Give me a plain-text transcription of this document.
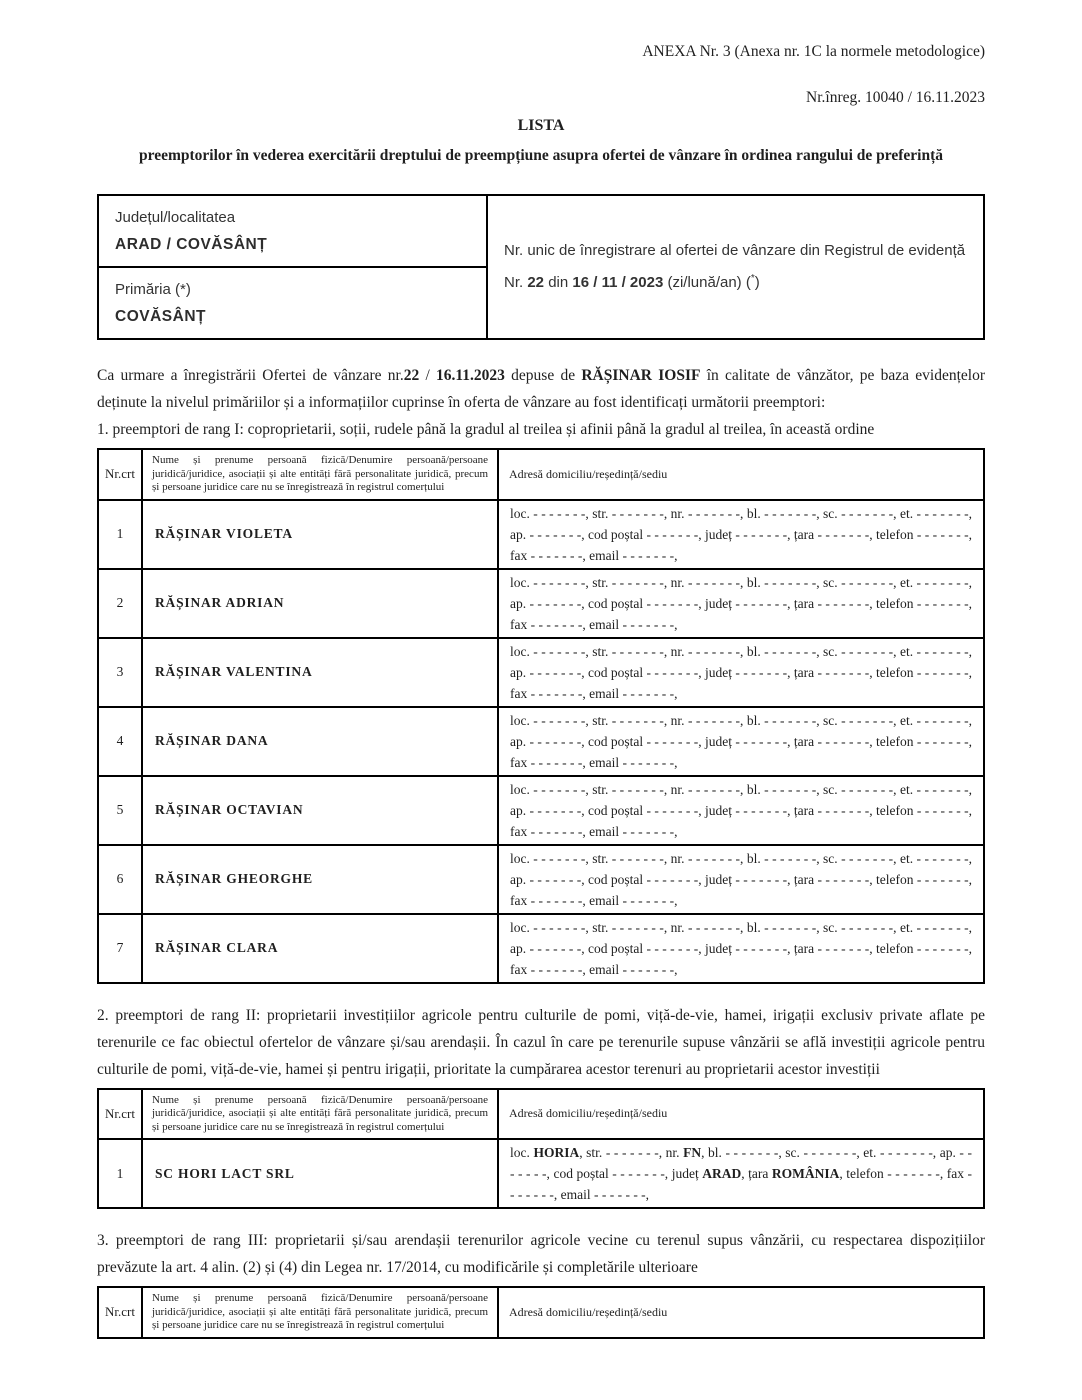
ANEXA Nr. 3 (Anexa nr. 1C la normele metodologice)
Nr.înreg. 10040 / 16.11.2023
LISTA
preemptorilor în vederea exercitării dreptului de preempțiune asupra ofertei de vânzare în ordinea rangului de preferință
Județul/localitatea
ARAD / COVĂSÂNȚ	Nr. unic de înregistrare al ofertei de vânzare din Registrul de evidență
Nr. 22 din 16 / 11 / 2023 (zi/lună/an) (*)

Primăria (*)
COVĂSÂNȚ

Ca urmare a înregistrării Ofertei de vânzare nr.22 / 16.11.2023 depuse de RĂȘINAR IOSIF în calitate de vânzător, pe baza evidențelor deținute la nivelul primăriilor și a informațiilor cuprinse în oferta de vânzare au fost identificați următorii preemptori:

1. preemptori de rang I: coproprietarii, soții, rudele până la gradul al treilea și afinii până la gradul al treilea, în această ordine

Nr.crt	Nume și prenume persoană fizică/Denumire persoană/persoane juridică/juridice, asociații și alte entități fără personalitate juridică, precum și persoane juridice care nu se înregistrează în registrul comerțului	Adresă domiciliu/reședință/sediu
1	RĂȘINAR VIOLETA	loc. - - - - - - -, str. - - - - - - -, nr. - - - - - - -, bl. - - - - - - -, sc. - - - - - - -, et. - - - - - - -, ap. - - - - - - -, cod poștal - - - - - - -, județ - - - - - - -, țara - - - - - - -, telefon - - - - - - -, fax - - - - - - -, email - - - - - - -,
2	RĂȘINAR ADRIAN	loc. - - - - - - -, str. - - - - - - -, nr. - - - - - - -, bl. - - - - - - -, sc. - - - - - - -, et. - - - - - - -, ap. - - - - - - -, cod poștal - - - - - - -, județ - - - - - - -, țara - - - - - - -, telefon - - - - - - -, fax - - - - - - -, email - - - - - - -,
3	RĂȘINAR VALENTINA	loc. - - - - - - -, str. - - - - - - -, nr. - - - - - - -, bl. - - - - - - -, sc. - - - - - - -, et. - - - - - - -, ap. - - - - - - -, cod poștal - - - - - - -, județ - - - - - - -, țara - - - - - - -, telefon - - - - - - -, fax - - - - - - -, email - - - - - - -,
4	RĂȘINAR DANA	loc. - - - - - - -, str. - - - - - - -, nr. - - - - - - -, bl. - - - - - - -, sc. - - - - - - -, et. - - - - - - -, ap. - - - - - - -, cod poștal - - - - - - -, județ - - - - - - -, țara - - - - - - -, telefon - - - - - - -, fax - - - - - - -, email - - - - - - -,
5	RĂȘINAR OCTAVIAN	loc. - - - - - - -, str. - - - - - - -, nr. - - - - - - -, bl. - - - - - - -, sc. - - - - - - -, et. - - - - - - -, ap. - - - - - - -, cod poștal - - - - - - -, județ - - - - - - -, țara - - - - - - -, telefon - - - - - - -, fax - - - - - - -, email - - - - - - -,
6	RĂȘINAR GHEORGHE	loc. - - - - - - -, str. - - - - - - -, nr. - - - - - - -, bl. - - - - - - -, sc. - - - - - - -, et. - - - - - - -, ap. - - - - - - -, cod poștal - - - - - - -, județ - - - - - - -, țara - - - - - - -, telefon - - - - - - -, fax - - - - - - -, email - - - - - - -,
7	RĂȘINAR CLARA	loc. - - - - - - -, str. - - - - - - -, nr. - - - - - - -, bl. - - - - - - -, sc. - - - - - - -, et. - - - - - - -, ap. - - - - - - -, cod poștal - - - - - - -, județ - - - - - - -, țara - - - - - - -, telefon - - - - - - -, fax - - - - - - -, email - - - - - - -,

2. preemptori de rang II: proprietarii investițiilor agricole pentru culturile de pomi, viță-de-vie, hamei, irigații exclusiv private aflate pe terenurile ce fac obiectul ofertelor de vânzare și/sau arendașii. În cazul în care pe terenurile supuse vânzării se află investiții agricole pentru culturile de pomi, viță-de-vie, hamei și pentru irigații, prioritate la cumpărarea acestor terenuri au proprietarii acestor investiții

Nr.crt	Nume și prenume persoană fizică/Denumire persoană/persoane juridică/juridice, asociații și alte entități fără personalitate juridică, precum și persoane juridice care nu se înregistrează în registrul comerțului	Adresă domiciliu/reședință/sediu
1	SC HORI LACT SRL	loc. HORIA, str. - - - - - - -, nr. FN, bl. - - - - - - -, sc. - - - - - - -, et. - - - - - - -, ap. - - - - - - -, cod poștal - - - - - - -, județ ARAD, țara ROMÂNIA, telefon - - - - - - -, fax - - - - - - -, email - - - - - - -,

3. preemptori de rang III: proprietarii și/sau arendașii terenurilor agricole vecine cu terenul supus vânzării, cu respectarea dispozițiilor prevăzute la art. 4 alin. (2) și (4) din Legea nr. 17/2014, cu modificările și completările ulterioare

Nr.crt	Nume și prenume persoană fizică/Denumire persoană/persoane juridică/juridice, asociații și alte entități fără personalitate juridică, precum și persoane juridice care nu se înregistrează în registrul comerțului	Adresă domiciliu/reședință/sediu
